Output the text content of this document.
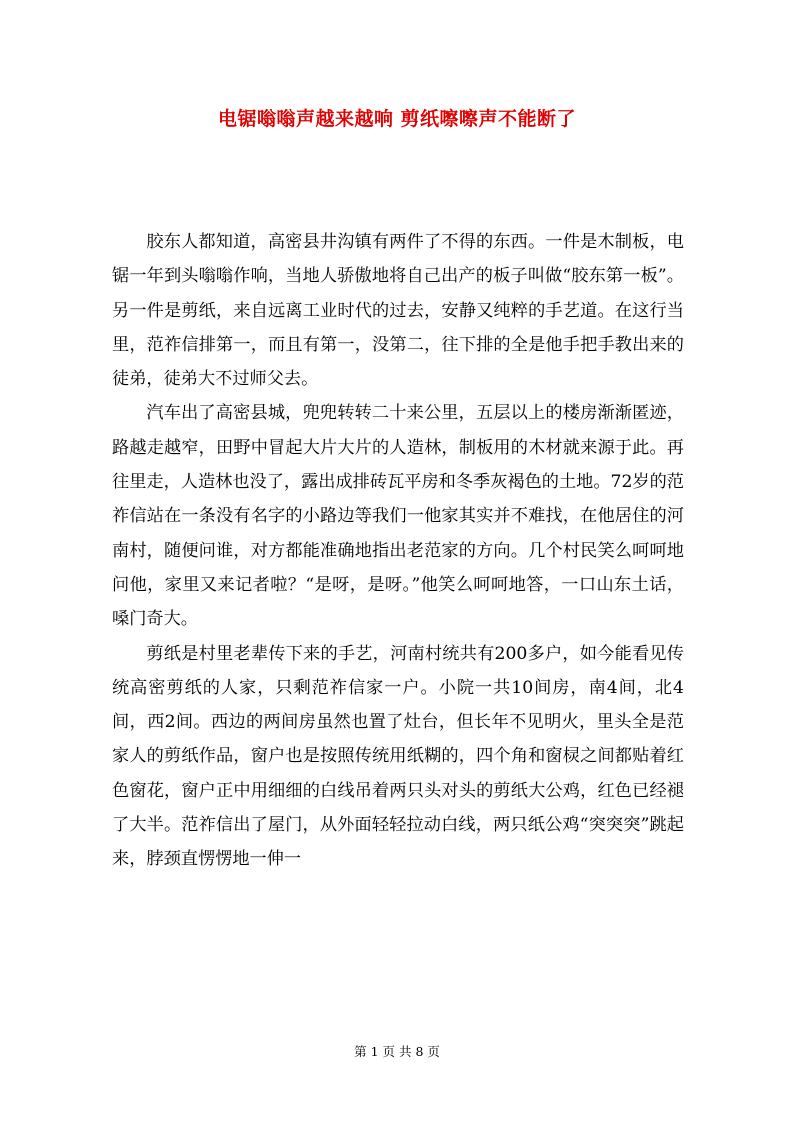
电锯嗡嗡声越来越响 剪纸嚓嚓声不能断了

胶东人都知道，高密县井沟镇有两件了不得的东西。一件是木制板，电锯一年到头嗡嗡作响，当地人骄傲地将自己出产的板子叫做“胶东第一板”。另一件是剪纸，来自远离工业时代的过去，安静又纯粹的手艺道。在这行当里，范祚信排第一，而且有第一，没第二，往下排的全是他手把手教出来的徒弟，徒弟大不过师父去。

汽车出了高密县城，兜兜转转二十来公里，五层以上的楼房渐渐匿迹，路越走越窄，田野中冒起大片大片的人造林，制板用的木材就来源于此。再往里走，人造林也没了，露出成排砖瓦平房和冬季灰褐色的土地。72岁的范祚信站在一条没有名字的小路边等我们一他家其实并不难找，在他居住的河南村，随便问谁，对方都能准确地指出老范家的方向。几个村民笑么呵呵地问他，家里又来记者啦？“是呀，是呀。”他笑么呵呵地答，一口山东土话，嗓门奇大。

剪纸是村里老辈传下来的手艺，河南村统共有200多户，如今能看见传统高密剪纸的人家，只剩范祚信家一户。小院一共10间房，南4间，北4间，西2间。西边的两间房虽然也置了灶台，但长年不见明火，里头全是范家人的剪纸作品，窗户也是按照传统用纸糊的，四个角和窗棂之间都贴着红色窗花，窗户正中用细细的白线吊着两只头对头的剪纸大公鸡，红色已经褪了大半。范祚信出了屋门，从外面轻轻拉动白线，两只纸公鸡“突突突”跳起来，脖颈直愣愣地一伸一

第 1 页 共 8 页
